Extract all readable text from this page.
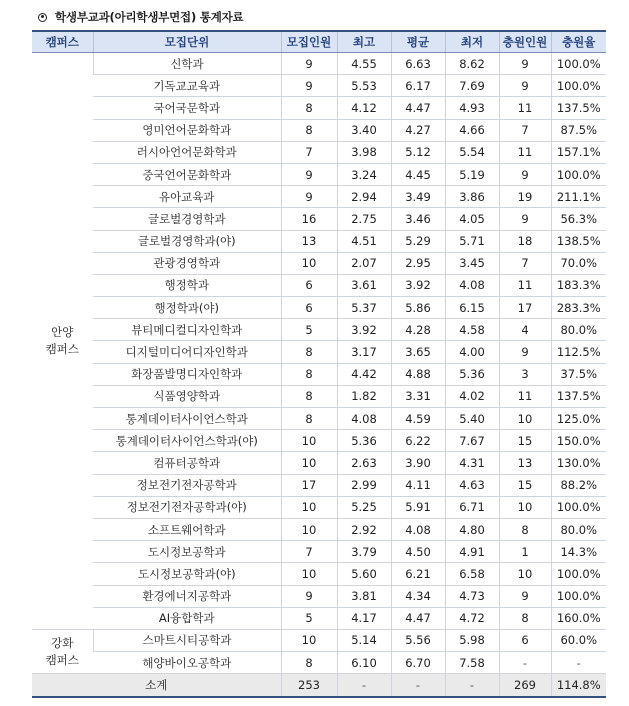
학생부교과(아리학생부면접) 통계자료
캠퍼스	모집단위	모집인원	최고	평균	최저	충원인원	충원율

안양
캠퍼스	신학과	9	4.55	6.63	8.62	9	100.0%
	기독교교육과	9	5.53	6.17	7.69	9	100.0%
	국어국문학과	8	4.12	4.47	4.93	11	137.5%
	영미언어문화학과	8	3.40	4.27	4.66	7	87.5%
	러시아언어문화학과	7	3.98	5.12	5.54	11	157.1%
	중국언어문화학과	9	3.24	4.45	5.19	9	100.0%
	유아교육과	9	2.94	3.49	3.86	19	211.1%
	글로벌경영학과	16	2.75	3.46	4.05	9	56.3%
	글로벌경영학과(야)	13	4.51	5.29	5.71	18	138.5%
	관광경영학과	10	2.07	2.95	3.45	7	70.0%
	행정학과	6	3.61	3.92	4.08	11	183.3%
	행정학과(야)	6	5.37	5.86	6.15	17	283.3%
	뷰티메디컬디자인학과	5	3.92	4.28	4.58	4	80.0%
	디지털미디어디자인학과	8	3.17	3.65	4.00	9	112.5%
	화장품발명디자인학과	8	4.42	4.88	5.36	3	37.5%
	식품영양학과	8	1.82	3.31	4.02	11	137.5%
	통계데이터사이언스학과	8	4.08	4.59	5.40	10	125.0%
	통계데이터사이언스학과(야)	10	5.36	6.22	7.67	15	150.0%
	컴퓨터공학과	10	2.63	3.90	4.31	13	130.0%
	정보전기전자공학과	17	2.99	4.11	4.63	15	88.2%
	정보전기전자공학과(야)	10	5.25	5.91	6.71	10	100.0%
	소프트웨어학과	10	2.92	4.08	4.80	8	80.0%
	도시정보공학과	7	3.79	4.50	4.91	1	14.3%
	도시정보공학과(야)	10	5.60	6.21	6.58	10	100.0%
	환경에너지공학과	9	3.81	4.34	4.73	9	100.0%
	AI융합학과	5	4.17	4.47	4.72	8	160.0%

강화
캠퍼스	스마트시티공학과	10	5.14	5.56	5.98	6	60.0%
	해양바이오공학과	8	6.10	6.70	7.58	-	-
소계		253	-	-	-	269	114.8%
